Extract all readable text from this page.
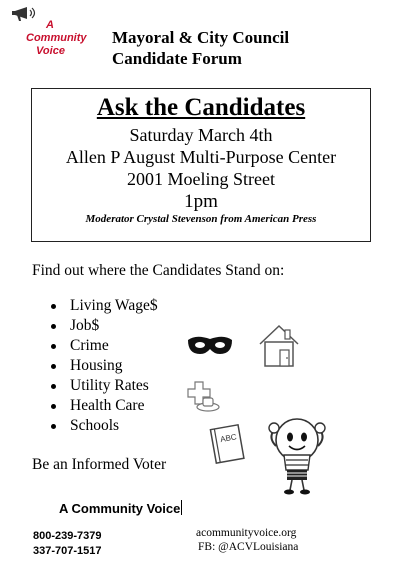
A
Community
Voice
Mayoral & City Council
Candidate Forum
Ask the Candidates
Saturday March 4th
Allen P August Multi-Purpose Center
2001 Moeling Street
1pm
Moderator Crystal Stevenson from American Press
Find out where the Candidates Stand on:
Living Wage$
Job$
Crime
Housing
Utility Rates
Health Care
Schools
ABC
Be an Informed Voter
A Community Voice
800-239-7379
337-707-1517
acommunityvoice.org
FB: @ACVLouisiana
